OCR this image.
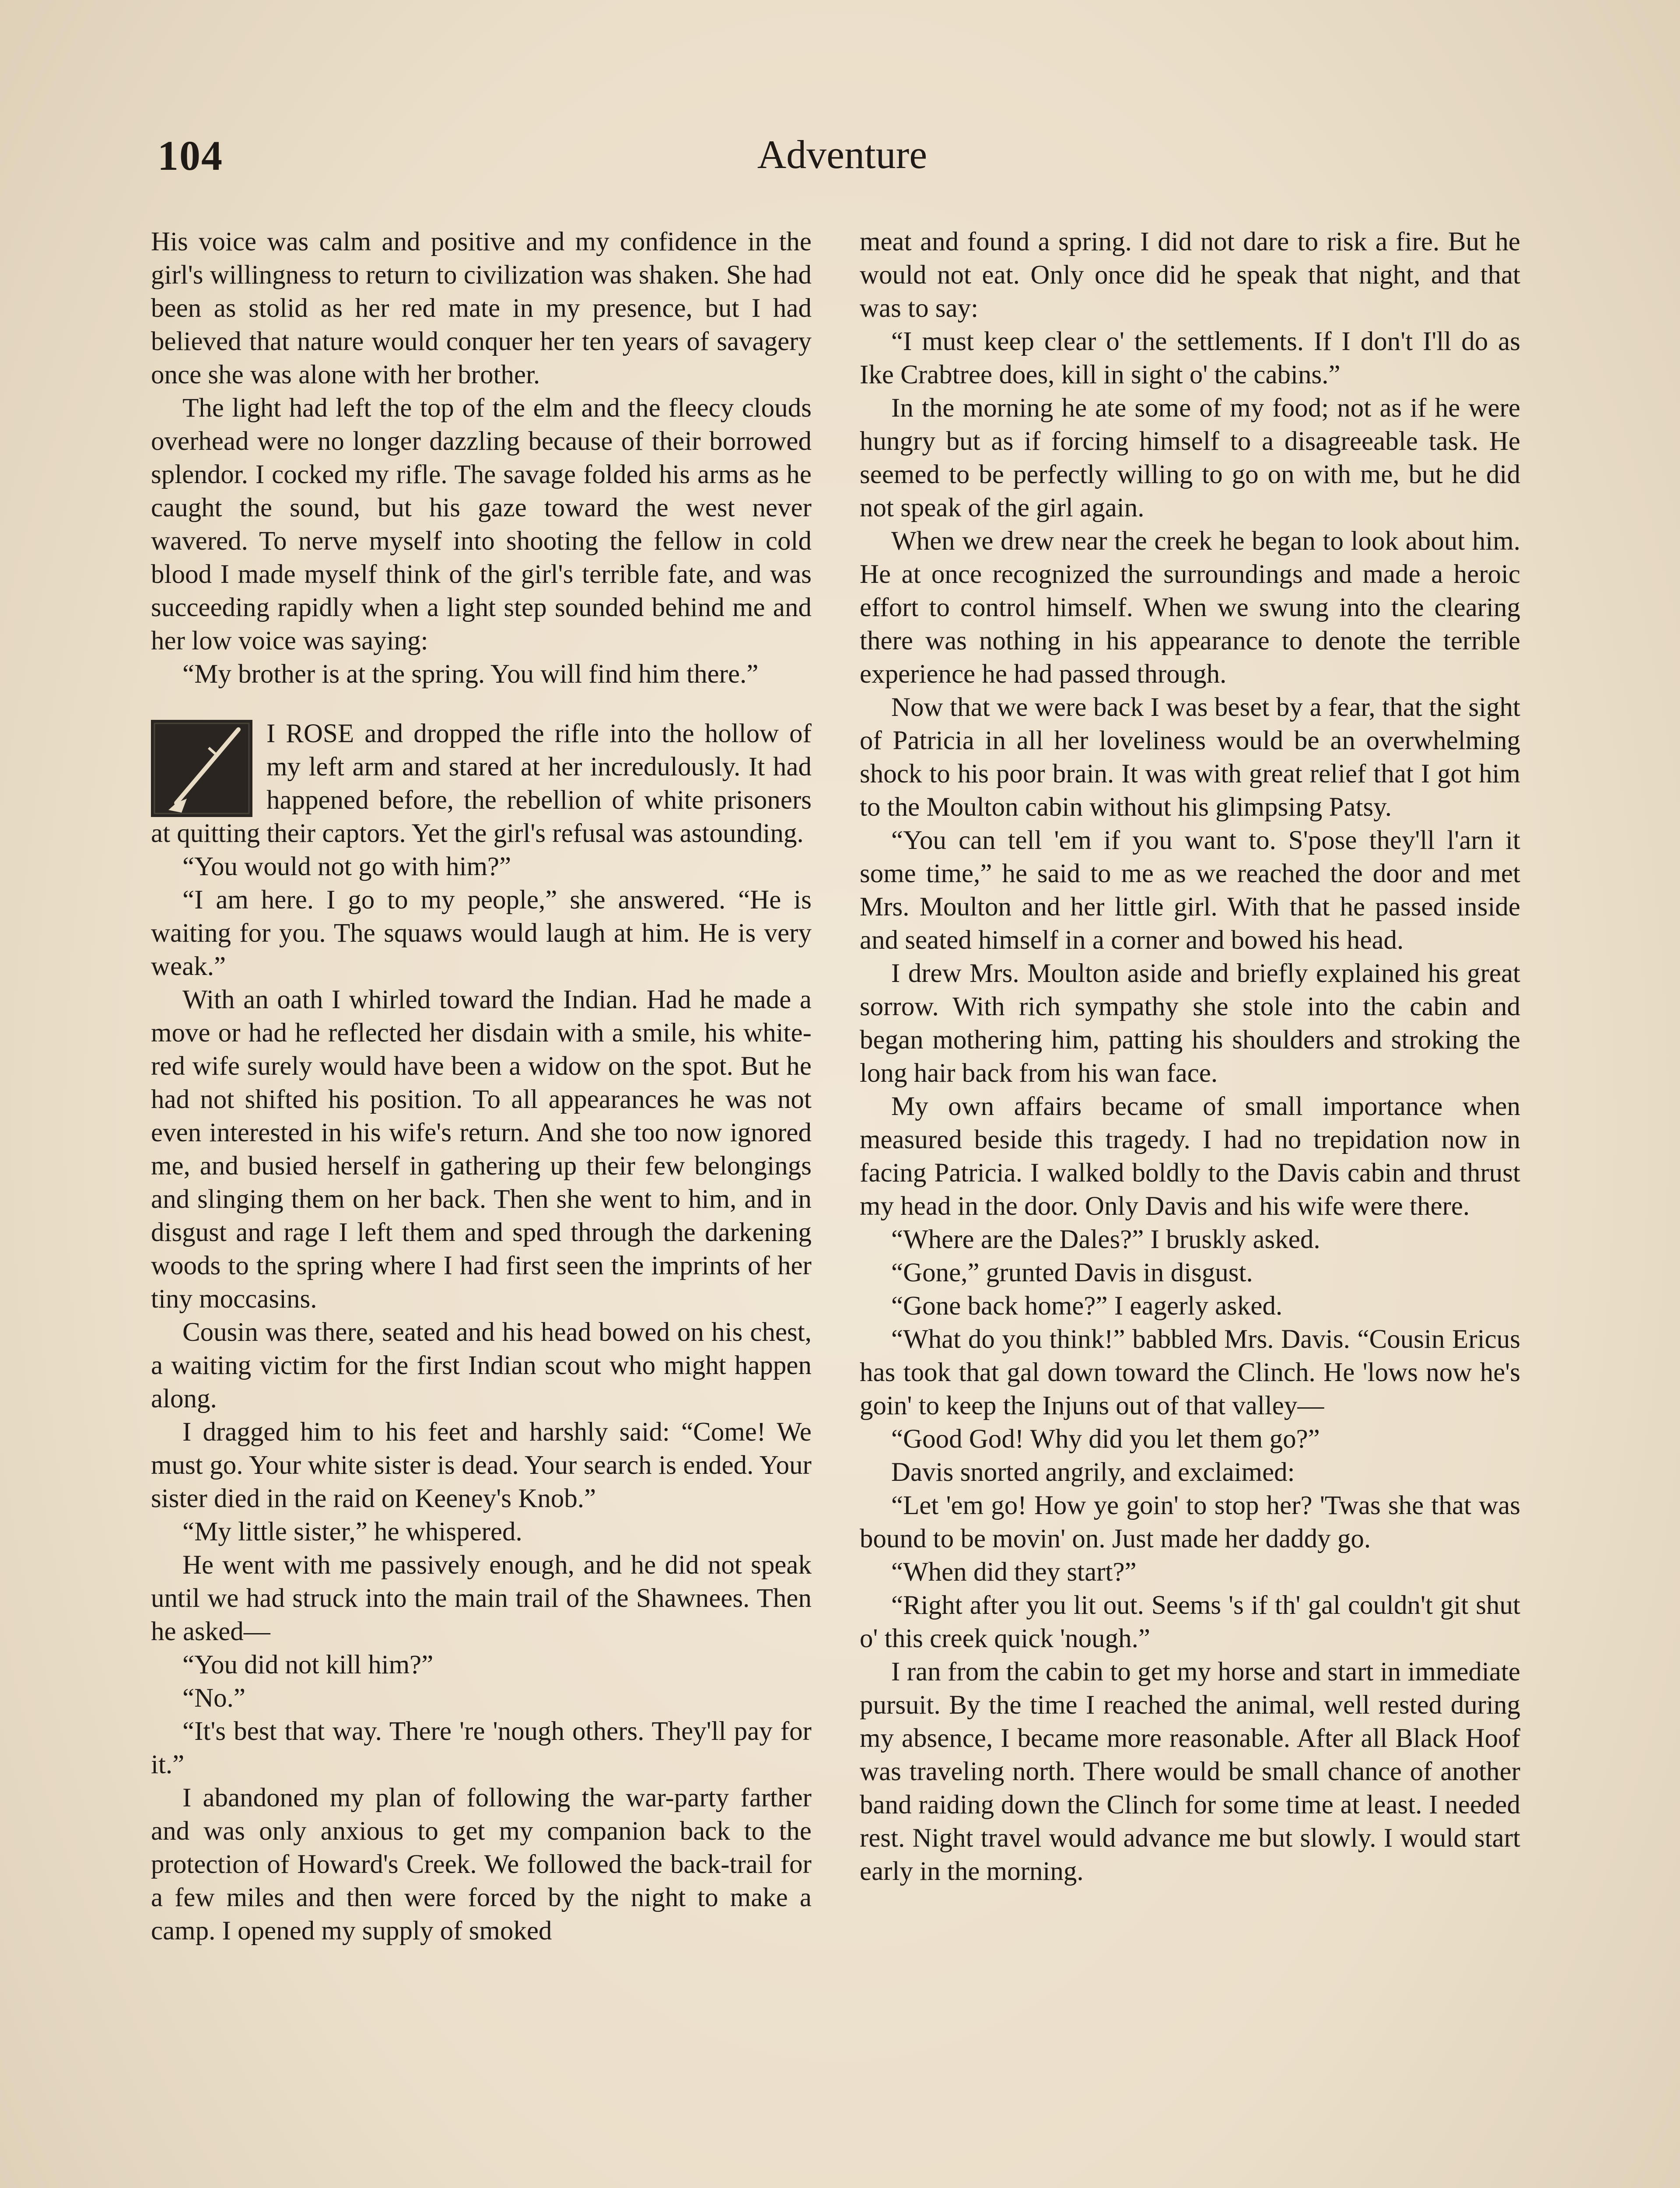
104	Adventure

His voice was calm and positive and my confidence in the girl's willingness to return to civilization was shaken. She had been as stolid as her red mate in my presence, but I had believed that nature would conquer her ten years of savagery once she was alone with her brother.

The light had left the top of the elm and the fleecy clouds overhead were no longer dazzling because of their borrowed splendor. I cocked my rifle. The savage folded his arms as he caught the sound, but his gaze toward the west never wavered. To nerve myself into shooting the fellow in cold blood I made myself think of the girl's terrible fate, and was succeeding rapidly when a light step sounded behind me and her low voice was saying:

“My brother is at the spring. You will find him there.”

I ROSE and dropped the rifle into the hollow of my left arm and stared at her incredulously. It had happened before, the rebellion of white prisoners at quitting their captors. Yet the girl's refusal was astounding.

“You would not go with him?”

“I am here. I go to my people,” she answered. “He is waiting for you. The squaws would laugh at him. He is very weak.”

With an oath I whirled toward the Indian. Had he made a move or had he reflected her disdain with a smile, his white-red wife surely would have been a widow on the spot. But he had not shifted his position. To all appearances he was not even interested in his wife's return. And she too now ignored me, and busied herself in gathering up their few belongings and slinging them on her back. Then she went to him, and in disgust and rage I left them and sped through the darkening woods to the spring where I had first seen the imprints of her tiny moccasins.

Cousin was there, seated and his head bowed on his chest, a waiting victim for the first Indian scout who might happen along.

I dragged him to his feet and harshly said: “Come! We must go. Your white sister is dead. Your search is ended. Your sister died in the raid on Keeney's Knob.”

“My little sister,” he whispered.

He went with me passively enough, and he did not speak until we had struck into the main trail of the Shawnees. Then he asked—

“You did not kill him?”

“No.”

“It's best that way. There 're 'nough others. They'll pay for it.”

I abandoned my plan of following the war-party farther and was only anxious to get my companion back to the protection of Howard's Creek. We followed the back-trail for a few miles and then were forced by the night to make a camp. I opened my supply of smoked

meat and found a spring. I did not dare to risk a fire. But he would not eat. Only once did he speak that night, and that was to say:

“I must keep clear o' the settlements. If I don't I'll do as Ike Crabtree does, kill in sight o' the cabins.”

In the morning he ate some of my food; not as if he were hungry but as if forcing himself to a disagreeable task. He seemed to be perfectly willing to go on with me, but he did not speak of the girl again.

When we drew near the creek he began to look about him. He at once recognized the surroundings and made a heroic effort to control himself. When we swung into the clearing there was nothing in his appearance to denote the terrible experience he had passed through.

Now that we were back I was beset by a fear, that the sight of Patricia in all her loveliness would be an overwhelming shock to his poor brain. It was with great relief that I got him to the Moulton cabin without his glimpsing Patsy.

“You can tell 'em if you want to. S'pose they'll l'arn it some time,” he said to me as we reached the door and met Mrs. Moulton and her little girl. With that he passed inside and seated himself in a corner and bowed his head.

I drew Mrs. Moulton aside and briefly explained his great sorrow. With rich sympathy she stole into the cabin and began mothering him, patting his shoulders and stroking the long hair back from his wan face.

My own affairs became of small importance when measured beside this tragedy. I had no trepidation now in facing Patricia. I walked boldly to the Davis cabin and thrust my head in the door. Only Davis and his wife were there.

“Where are the Dales?” I bruskly asked.

“Gone,” grunted Davis in disgust.

“Gone back home?” I eagerly asked.

“What do you think!” babbled Mrs. Davis. “Cousin Ericus has took that gal down toward the Clinch. He 'lows now he's goin' to keep the Injuns out of that valley—

“Good God! Why did you let them go?”

Davis snorted angrily, and exclaimed:

“Let 'em go! How ye goin' to stop her? 'Twas she that was bound to be movin' on. Just made her daddy go.

“When did they start?”

“Right after you lit out. Seems 's if th' gal couldn't git shut o' this creek quick 'nough.”

I ran from the cabin to get my horse and start in immediate pursuit. By the time I reached the animal, well rested during my absence, I became more reasonable. After all Black Hoof was traveling north. There would be small chance of another band raiding down the Clinch for some time at least. I needed rest. Night travel would advance me but slowly. I would start early in the morning.
